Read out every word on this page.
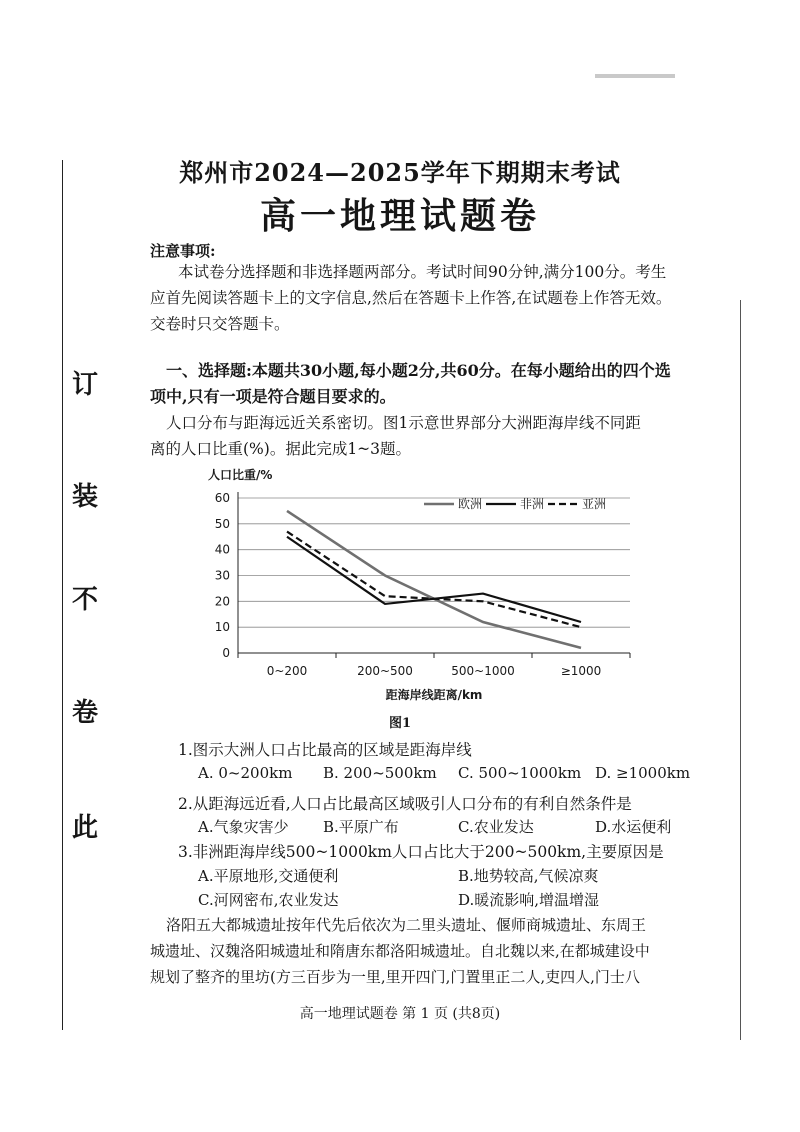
此
卷
不
装
订
郑州市2024—2025学年下期期末考试
高一地理试题卷
注意事项:
本试卷分选择题和非选择题两部分。考试时间90分钟,满分100分。考生
应首先阅读答题卡上的文字信息,然后在答题卡上作答,在试题卷上作答无效。
交卷时只交答题卡。
一、选择题:本题共30小题,每小题2分,共60分。在每小题给出的四个选
项中,只有一项是符合题目要求的。
人口分布与距海远近关系密切。图1示意世界部分大洲距海岸线不同距
离的人口比重(%)。据此完成1~3题。
0
10
20
30
40
50
60
0~200	200~500	500~1000	≥1000
人口比重/%
距海岸线距离/km
欧洲	非洲	亚洲
图1
1.图示大洲人口占比最高的区域是距海岸线
A. 0~200km B. 200~500km C. 500~1000km D. ≥1000km
2.从距海远近看,人口占比最高区域吸引人口分布的有利自然条件是
A.气象灾害少 B.平原广布	C.农业发达	D.水运便利
3.非洲距海岸线500~1000km人口占比大于200~500km,主要原因是
A.平原地形,交通便利	B.地势较高,气候凉爽
C.河网密布,农业发达	D.暖流影响,增温增湿
洛阳五大都城遗址按年代先后依次为二里头遗址、偃师商城遗址、东周王
城遗址、汉魏洛阳城遗址和隋唐东都洛阳城遗址。自北魏以来,在都城建设中
规划了整齐的里坊(方三百步为一里,里开四门,门置里正二人,吏四人,门士八
高一地理试题卷 第 1 页 (共8页)
